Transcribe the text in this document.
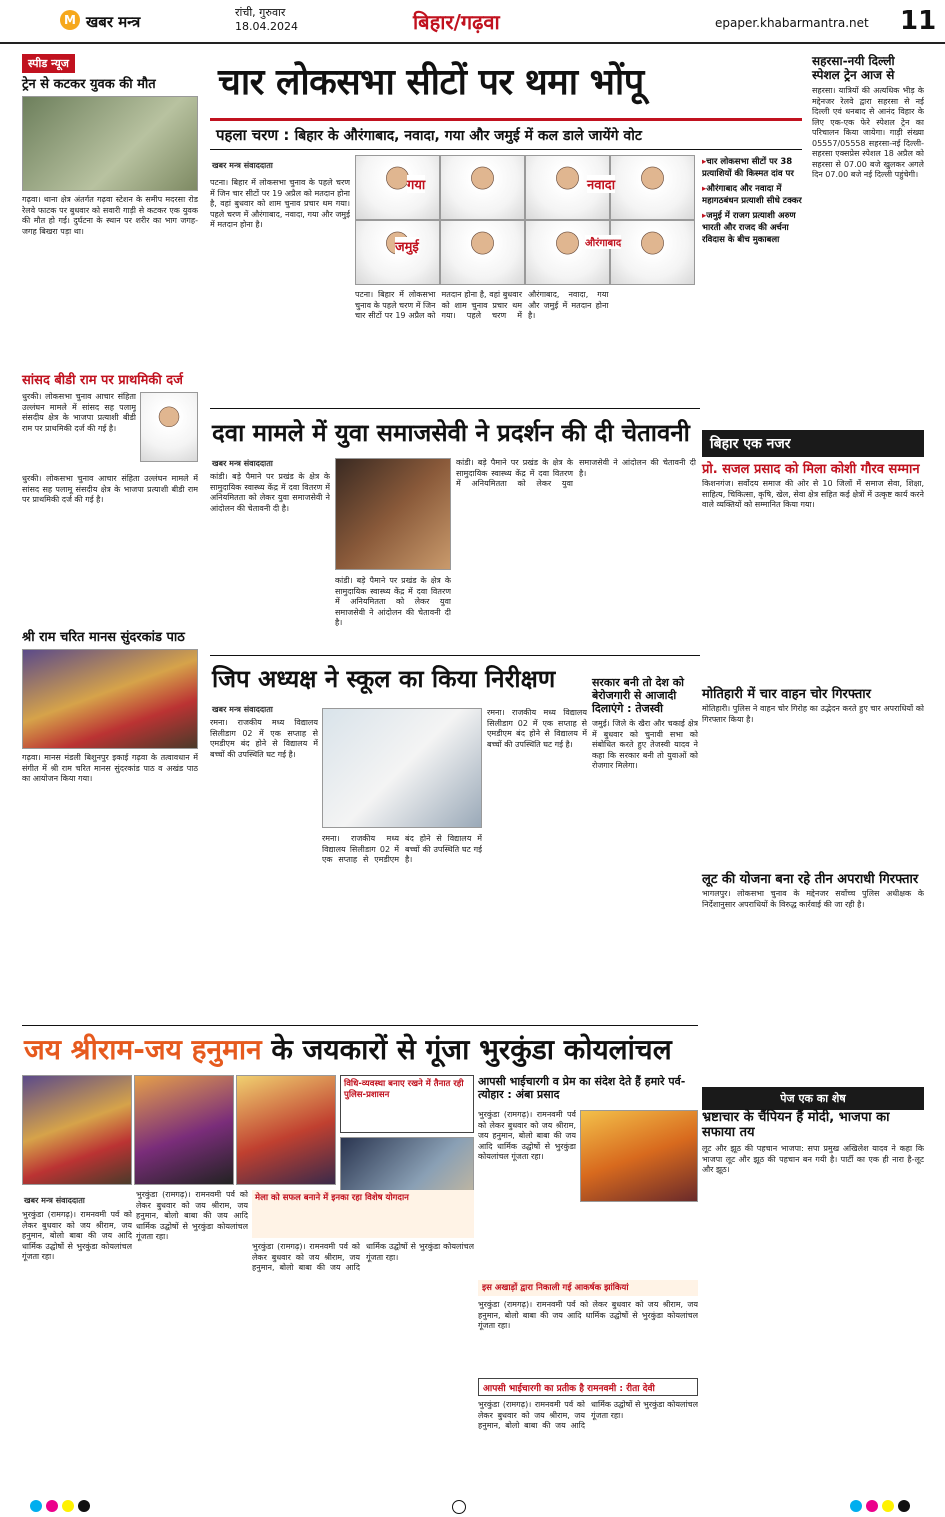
M खबर मन्त्र
रांची, गुरुवार
18.04.2024	बिहार/गढ़वा	epaper.khabarmantra.net 11
स्पीड न्यूज
ट्रेन से कटकर युवक की मौत
गढ़वा। थाना क्षेत्र अंतर्गत गढ़वा स्टेशन के समीप मदरसा रोड रेलवे फाटक पर बुधवार को सवारी गाड़ी से कटकर एक युवक की मौत हो गई। दुर्घटना के स्थान पर शरीर का भाग जगह-जगह बिखरा पड़ा था।
सांसद बीडी राम पर प्राथमिकी दर्ज
धुरकी। लोकसभा चुनाव आचार संहिता उल्लंघन मामले में सांसद सह पलामू संसदीय क्षेत्र के भाजपा प्रत्याशी बीडी राम पर प्राथमिकी दर्ज की गई है।
धुरकी। लोकसभा चुनाव आचार संहिता उल्लंघन मामले में सांसद सह पलामू संसदीय क्षेत्र के भाजपा प्रत्याशी बीडी राम पर प्राथमिकी दर्ज की गई है।
श्री राम चरित मानस सुंदरकांड पाठ
गढ़वा। मानस मंडली बिशुनपुर इकाई गढ़वा के तत्वावधान में संगीत में श्री राम चरित मानस सुंदरकांड पाठ व अखंड पाठ का आयोजन किया गया।
चार लोकसभा सीटों पर थमा भोंपू
पहला चरण : बिहार के औरंगाबाद, नवादा, गया और जमुई में कल डाले जायेंगे वोट
खबर मन्त्र संवाददाता
पटना। बिहार में लोकसभा चुनाव के पहले चरण में जिन चार सीटों पर 19 अप्रैल को मतदान होना है, वहां बुधवार को शाम चुनाव प्रचार थम गया। पहले चरण में औरंगाबाद, नवादा, गया और जमुई में मतदान होना है।
गया	नवादा
जमुई	औरंगाबाद
पटना। बिहार में लोकसभा चुनाव के पहले चरण में जिन चार सीटों पर 19 अप्रैल को मतदान होना है, वहां बुधवार को शाम चुनाव प्रचार थम गया। पहले चरण में औरंगाबाद, नवादा, गया और जमुई में मतदान होना है।
▸ चार लोकसभा सीटों पर 38 प्रत्याशियों की किस्मत दांव पर
▸ औरंगाबाद और नवादा में महागठबंधन प्रत्याशी सीधे टक्कर
▸ जमुई में राजग प्रत्याशी अरुण भारती और राजद की अर्चना रविदास के बीच मुकाबला
सहरसा-नयी दिल्ली स्पेशल ट्रेन आज से
सहरसा। यात्रियों की अत्यधिक भीड़ के मद्देनजर रेलवे द्वारा सहरसा से नई दिल्ली एवं धनबाद से आनंद विहार के लिए एक-एक फेरे स्पेशल ट्रेन का परिचालन किया जायेगा। गाड़ी संख्या 05557/05558 सहरसा-नई दिल्ली-सहरसा एक्सप्रेस स्पेशल 18 अप्रैल को सहरसा से 07.00 बजे खुलकर अगले दिन 07.00 बजे नई दिल्ली पहुंचेगी।
दवा मामले में युवा समाजसेवी ने प्रदर्शन की दी चेतावनी
खबर मन्त्र संवाददाता
कांडी। बड़े पैमाने पर प्रखंड के क्षेत्र के सामुदायिक स्वास्थ्य केंद्र में दवा वितरण में अनियमितता को लेकर युवा समाजसेवी ने आंदोलन की चेतावनी दी है।
कांडी। बड़े पैमाने पर प्रखंड के क्षेत्र के सामुदायिक स्वास्थ्य केंद्र में दवा वितरण में अनियमितता को लेकर युवा समाजसेवी ने आंदोलन की चेतावनी दी है।
कांडी। बड़े पैमाने पर प्रखंड के क्षेत्र के सामुदायिक स्वास्थ्य केंद्र में दवा वितरण में अनियमितता को लेकर युवा समाजसेवी ने आंदोलन की चेतावनी दी है।
बिहार एक नजर
प्रो. सजल प्रसाद को मिला कोशी गौरव सम्मान
किशनगंज। सर्वोदय समाज की ओर से 10 जिलों में समाज सेवा, शिक्षा, साहित्य, चिकित्सा, कृषि, खेल, सेवा क्षेत्र सहित कई क्षेत्रों में उत्कृष्ट कार्य करने वाले व्यक्तियों को सम्मानित किया गया।
मोतिहारी में चार वाहन चोर गिरफ्तार
मोतिहारी। पुलिस ने वाहन चोर गिरोह का उद्भेदन करते हुए चार अपराधियों को गिरफ्तार किया है।
लूट की योजना बना रहे तीन अपराधी गिरफ्तार
भागलपुर। लोकसभा चुनाव के मद्देनजर सर्वोच्च पुलिस अधीक्षक के निर्देशानुसार अपराधियों के विरुद्ध कार्रवाई की जा रही है।
जिप अध्यक्ष ने स्कूल का किया निरीक्षण
खबर मन्त्र संवाददाता
रमना। राजकीय मध्य विद्यालय सिलीडाग 02 में एक सप्ताह से एमडीएम बंद होने से विद्यालय में बच्चों की उपस्थिति घट गई है।
रमना। राजकीय मध्य विद्यालय सिलीडाग 02 में एक सप्ताह से एमडीएम बंद होने से विद्यालय में बच्चों की उपस्थिति घट गई है।
रमना। राजकीय मध्य विद्यालय सिलीडाग 02 में एक सप्ताह से एमडीएम बंद होने से विद्यालय में बच्चों की उपस्थिति घट गई है।
सरकार बनी तो देश को बेरोजगारी से आजादी दिलाएंगे : तेजस्वी
जमुई। जिले के खैरा और चकाई क्षेत्र में बुधवार को चुनावी सभा को संबोधित करते हुए तेजस्वी यादव ने कहा कि सरकार बनी तो युवाओं को रोजगार मिलेगा।
जय श्रीराम-जय हनुमान के जयकारों से गूंजा भुरकुंडा कोयलांचल
विधि-व्यवस्था बनाए रखने में तैनात रही पुलिस-प्रशासन
आपसी भाईचारगी व प्रेम का संदेश देते हैं हमारे पर्व-त्योहार : अंबा प्रसाद
भुरकुंडा (रामगढ़)। रामनवमी पर्व को लेकर बुधवार को जय श्रीराम, जय हनुमान, बोलो बाबा की जय आदि धार्मिक उद्घोषों से भुरकुंडा कोयलांचल गूंजता रहा।
मेला को सफल बनाने में इनका रहा विशेष योगदान
खबर मन्त्र संवाददाता
भुरकुंडा (रामगढ़)। रामनवमी पर्व को लेकर बुधवार को जय श्रीराम, जय हनुमान, बोलो बाबा की जय आदि धार्मिक उद्घोषों से भुरकुंडा कोयलांचल गूंजता रहा।
भुरकुंडा (रामगढ़)। रामनवमी पर्व को लेकर बुधवार को जय श्रीराम, जय हनुमान, बोलो बाबा की जय आदि धार्मिक उद्घोषों से भुरकुंडा कोयलांचल गूंजता रहा।
भुरकुंडा (रामगढ़)। रामनवमी पर्व को लेकर बुधवार को जय श्रीराम, जय हनुमान, बोलो बाबा की जय आदि धार्मिक उद्घोषों से भुरकुंडा कोयलांचल गूंजता रहा।
इस अखाड़ों द्वारा निकाली गई आकर्षक झांकियां
भुरकुंडा (रामगढ़)। रामनवमी पर्व को लेकर बुधवार को जय श्रीराम, जय हनुमान, बोलो बाबा की जय आदि धार्मिक उद्घोषों से भुरकुंडा कोयलांचल गूंजता रहा।
आपसी भाईचारगी का प्रतीक है रामनवमी : रीता देवी
भुरकुंडा (रामगढ़)। रामनवमी पर्व को लेकर बुधवार को जय श्रीराम, जय हनुमान, बोलो बाबा की जय आदि धार्मिक उद्घोषों से भुरकुंडा कोयलांचल गूंजता रहा।
पेज एक का शेष
भ्रष्टाचार के चैंपियन हैं मोदी, भाजपा का सफाया तय
लूट और झूठ की पहचान भाजपा: सपा प्रमुख अखिलेश यादव ने कहा कि भाजपा लूट और झूठ की पहचान बन गयी है। पार्टी का एक ही नारा है-लूट और झूठ।
